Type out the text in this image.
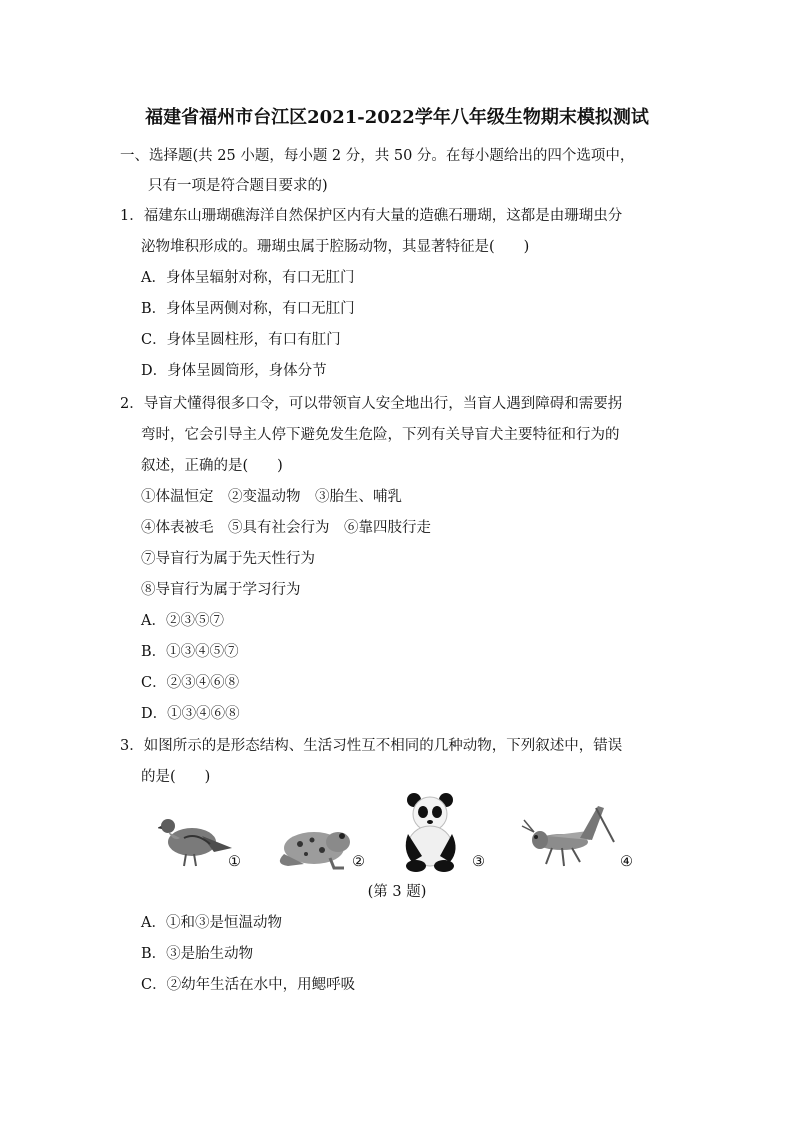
福建省福州市台江区2021-2022学年八年级生物期末模拟测试
一、选择题(共 25 小题，每小题 2 分，共 50 分。在每小题给出的四个选项中，
只有一项是符合题目要求的)
1．福建东山珊瑚礁海洋自然保护区内有大量的造礁石珊瑚，这都是由珊瑚虫分
泌物堆积形成的。珊瑚虫属于腔肠动物，其显著特征是(　　)
A．身体呈辐射对称，有口无肛门
B．身体呈两侧对称，有口无肛门
C．身体呈圆柱形，有口有肛门
D．身体呈圆筒形，身体分节
2．导盲犬懂得很多口令，可以带领盲人安全地出行，当盲人遇到障碍和需要拐
弯时，它会引导主人停下避免发生危险，下列有关导盲犬主要特征和行为的
叙述，正确的是(　　)
①体温恒定　②变温动物　③胎生、哺乳
④体表被毛　⑤具有社会行为　⑥靠四肢行走
⑦导盲行为属于先天性行为
⑧导盲行为属于学习行为
A．②③⑤⑦
B．①③④⑤⑦
C．②③④⑥⑧
D．①③④⑥⑧
3．如图所示的是形态结构、生活习性互不相同的几种动物，下列叙述中，错误
的是(　　)
①	②	③	④
(第 3 题)
A．①和③是恒温动物
B．③是胎生动物
C．②幼年生活在水中，用鳃呼吸
